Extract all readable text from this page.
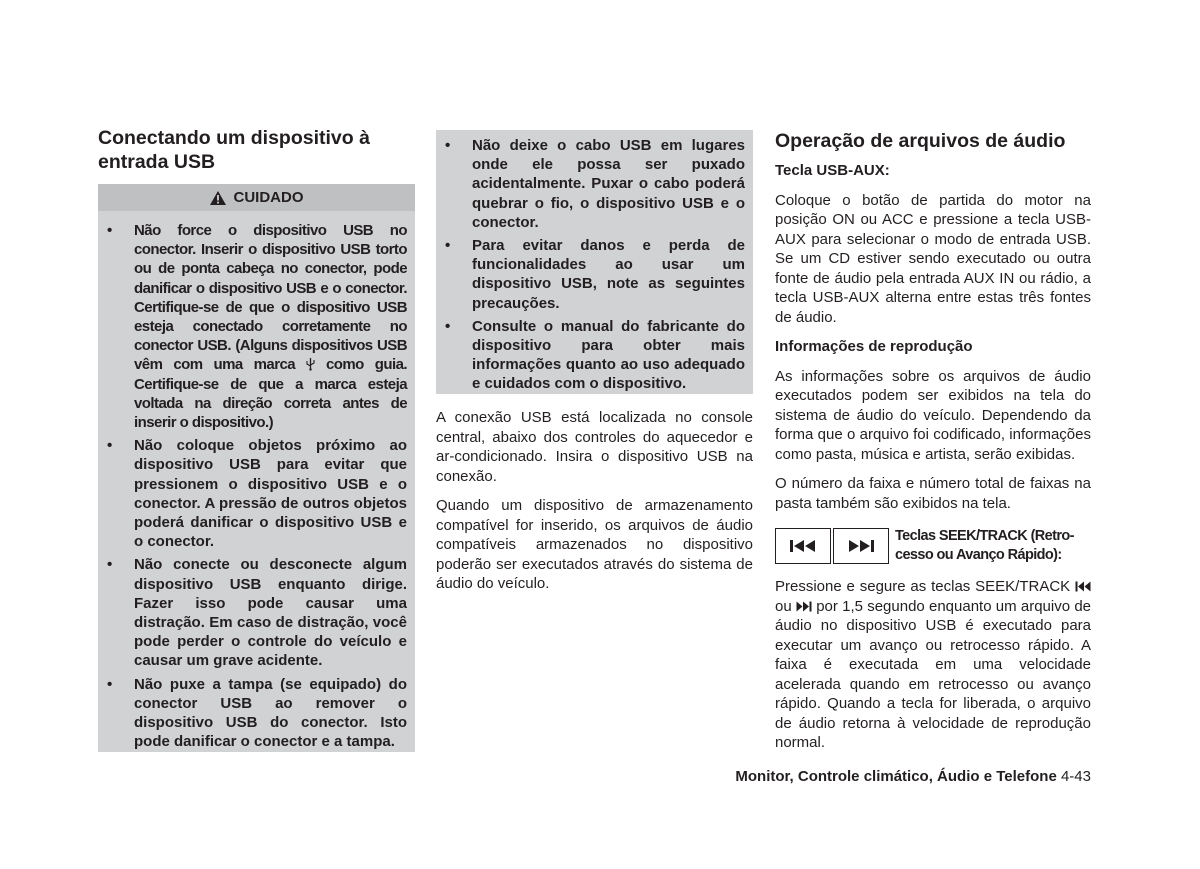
Conectando um dispositivo à
entrada USB
CUIDADO
• Não force o dispositivo USB no conector. Inserir o dispositivo USB torto ou de ponta cabeça no conector, pode danificar o dispositivo USB e o conector. Certifique-se de que o dispositivo USB esteja conectado corretamente no conector USB. (Alguns dispositivos USB vêm com uma marca como guia. Certifique-se de que a marca esteja voltada na direção correta antes de inserir o dispositivo.)
• Não coloque objetos próximo ao dispositivo USB para evitar que pressionem o dispositivo USB e o conector. A pressão de outros objetos poderá danificar o dispositivo USB e o conector.
• Não conecte ou desconecte algum dispositivo USB enquanto dirige. Fazer isso pode causar uma distração. Em caso de distração, você pode perder o controle do veículo e causar um grave acidente.
• Não puxe a tampa (se equipado) do conector USB ao remover o dispositivo USB do conector. Isto pode danificar o conector e a tampa.
• Não deixe o cabo USB em lugares onde ele possa ser puxado acidentalmente. Puxar o cabo poderá quebrar o fio, o dispositivo USB e o conector.
• Para evitar danos e perda de funcionalidades ao usar um dispositivo USB, note as seguintes precauções.
• Consulte o manual do fabricante do dispositivo para obter mais informações quanto ao uso adequado e cuidados com o dispositivo.

A conexão USB está localizada no console central, abaixo dos controles do aquecedor e ar-condicionado. Insira o dispositivo USB na conexão.

Quando um dispositivo de armazenamento compatível for inserido, os arquivos de áudio compatíveis armazenados no dispositivo poderão ser executados através do sistema de áudio do veículo.

Operação de arquivos de áudio

Tecla USB-AUX:

Coloque o botão de partida do motor na posição ON ou ACC e pressione a tecla USB-AUX para selecionar o modo de entrada USB. Se um CD estiver sendo executado ou outra fonte de áudio pela entrada AUX IN ou rádio, a tecla USB-AUX alterna entre estas três fontes de áudio.

Informações de reprodução

As informações sobre os arquivos de áudio executados podem ser exibidos na tela do sistema de áudio do veículo. Dependendo da forma que o arquivo foi codificado, informações como pasta, música e artista, serão exibidas.

O número da faixa e número total de faixas na pasta também são exibidos na tela.

Teclas SEEK/TRACK (Retro-
cesso ou Avanço Rápido):

Pressione e segure as teclas SEEK/TRACK  ou por 1,5 segundo enquanto um arquivo de áudio no dispositivo USB é executado para executar um avanço ou retrocesso rápido. A faixa é executada em uma velocidade acelerada quando em retrocesso ou avanço rápido. Quando a tecla for liberada, o arquivo de áudio retorna à velocidade de reprodução normal.

Monitor, Controle climático, Áudio e Telefone 4-43
